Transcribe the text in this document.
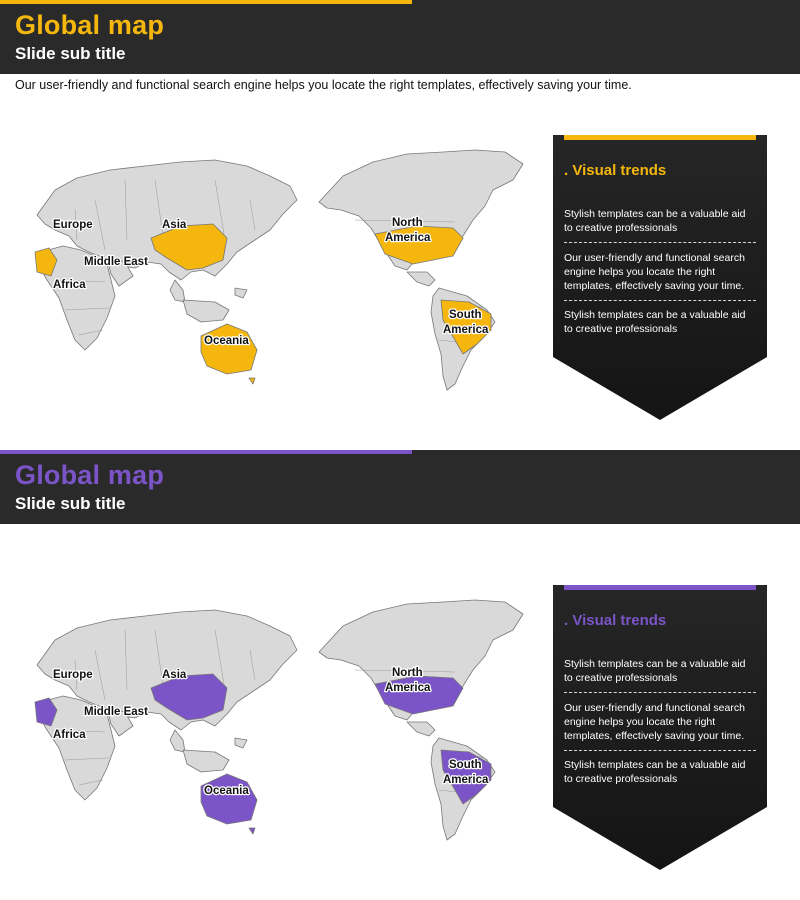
Global map
Slide sub title
Our user-friendly and functional search engine helps you locate the right templates, effectively saving your time.
Europe	Asia
Middle East
Africa
Oceania
North
America
South
America
. Visual trends
Stylish templates can be a valuable aid to creative professionals
Our user-friendly and functional search engine helps you locate the right templates, effectively saving your time.
Stylish templates can be a valuable aid to creative professionals
Global map
Slide sub title
Europe	Asia
Middle East
Africa
Oceania
North
America
South
America
. Visual trends
Stylish templates can be a valuable aid to creative professionals
Our user-friendly and functional search engine helps you locate the right templates, effectively saving your time.
Stylish templates can be a valuable aid to creative professionals
